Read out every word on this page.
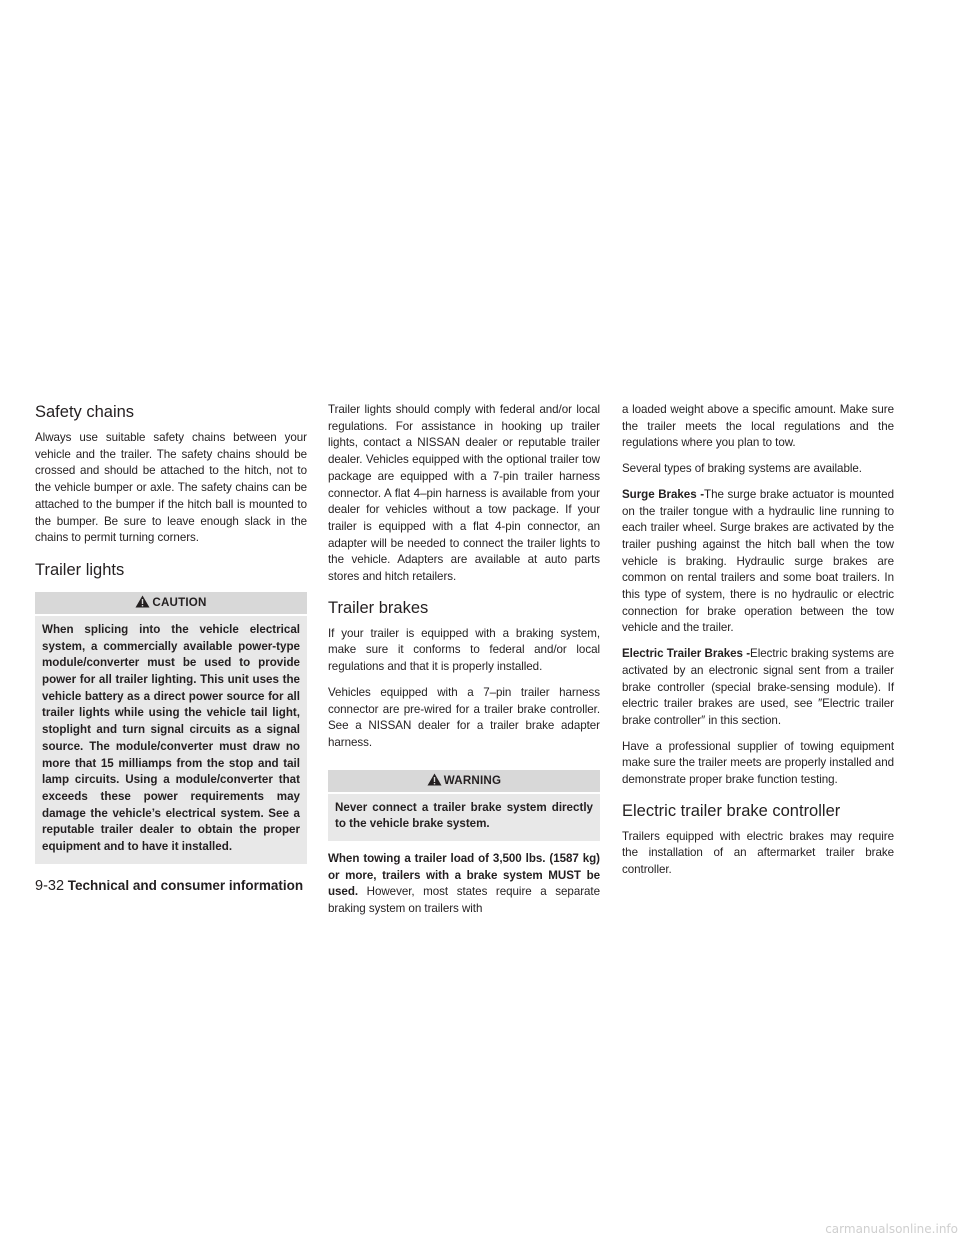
Safety chains

Always use suitable safety chains between your vehicle and the trailer. The safety chains should be crossed and should be attached to the hitch, not to the vehicle bumper or axle. The safety chains can be attached to the bumper if the hitch ball is mounted to the bumper. Be sure to leave enough slack in the chains to permit turning corners.

Trailer lights
CAUTION
When splicing into the vehicle electrical system, a commercially available power-type module/converter must be used to provide power for all trailer lighting. This unit uses the vehicle battery as a direct power source for all trailer lights while using the vehicle tail light, stoplight and turn signal circuits as a signal source. The module/converter must draw no more that 15 milliamps from the stop and tail lamp circuits. Using a module/converter that exceeds these power requirements may damage the vehicle’s electrical system. See a reputable trailer dealer to obtain the proper equipment and to have it installed.

Trailer lights should comply with federal and/or local regulations. For assistance in hooking up trailer lights, contact a NISSAN dealer or reputable trailer dealer. Vehicles equipped with the optional trailer tow package are equipped with a 7-pin trailer harness connector. A flat 4–pin harness is available from your dealer for vehicles without a tow package. If your trailer is equipped with a flat 4-pin connector, an adapter will be needed to connect the trailer lights to the vehicle. Adapters are available at auto parts stores and hitch retailers.

Trailer brakes

If your trailer is equipped with a braking system, make sure it conforms to federal and/or local regulations and that it is properly installed.

Vehicles equipped with a 7–pin trailer harness connector are pre-wired for a trailer brake controller. See a NISSAN dealer for a trailer brake adapter harness.

WARNING
Never connect a trailer brake system directly to the vehicle brake system.

When towing a trailer load of 3,500 lbs. (1587 kg) or more, trailers with a brake system MUST be used. However, most states require a separate braking system on trailers with

a loaded weight above a specific amount. Make sure the trailer meets the local regulations and the regulations where you plan to tow.

Several types of braking systems are available.

Surge Brakes -The surge brake actuator is mounted on the trailer tongue with a hydraulic line running to each trailer wheel. Surge brakes are activated by the trailer pushing against the hitch ball when the tow vehicle is braking. Hydraulic surge brakes are common on rental trailers and some boat trailers. In this type of system, there is no hydraulic or electric connection for brake operation between the tow vehicle and the trailer.

Electric Trailer Brakes -Electric braking systems are activated by an electronic signal sent from a trailer brake controller (special brake-sensing module). If electric trailer brakes are used, see ″Electric trailer brake controller″ in this section.

Have a professional supplier of towing equipment make sure the trailer meets are properly installed and demonstrate proper brake function testing.

Electric trailer brake controller

Trailers equipped with electric brakes may require the installation of an aftermarket trailer brake controller.

9-32 Technical and consumer information
carmanualsonline.info
